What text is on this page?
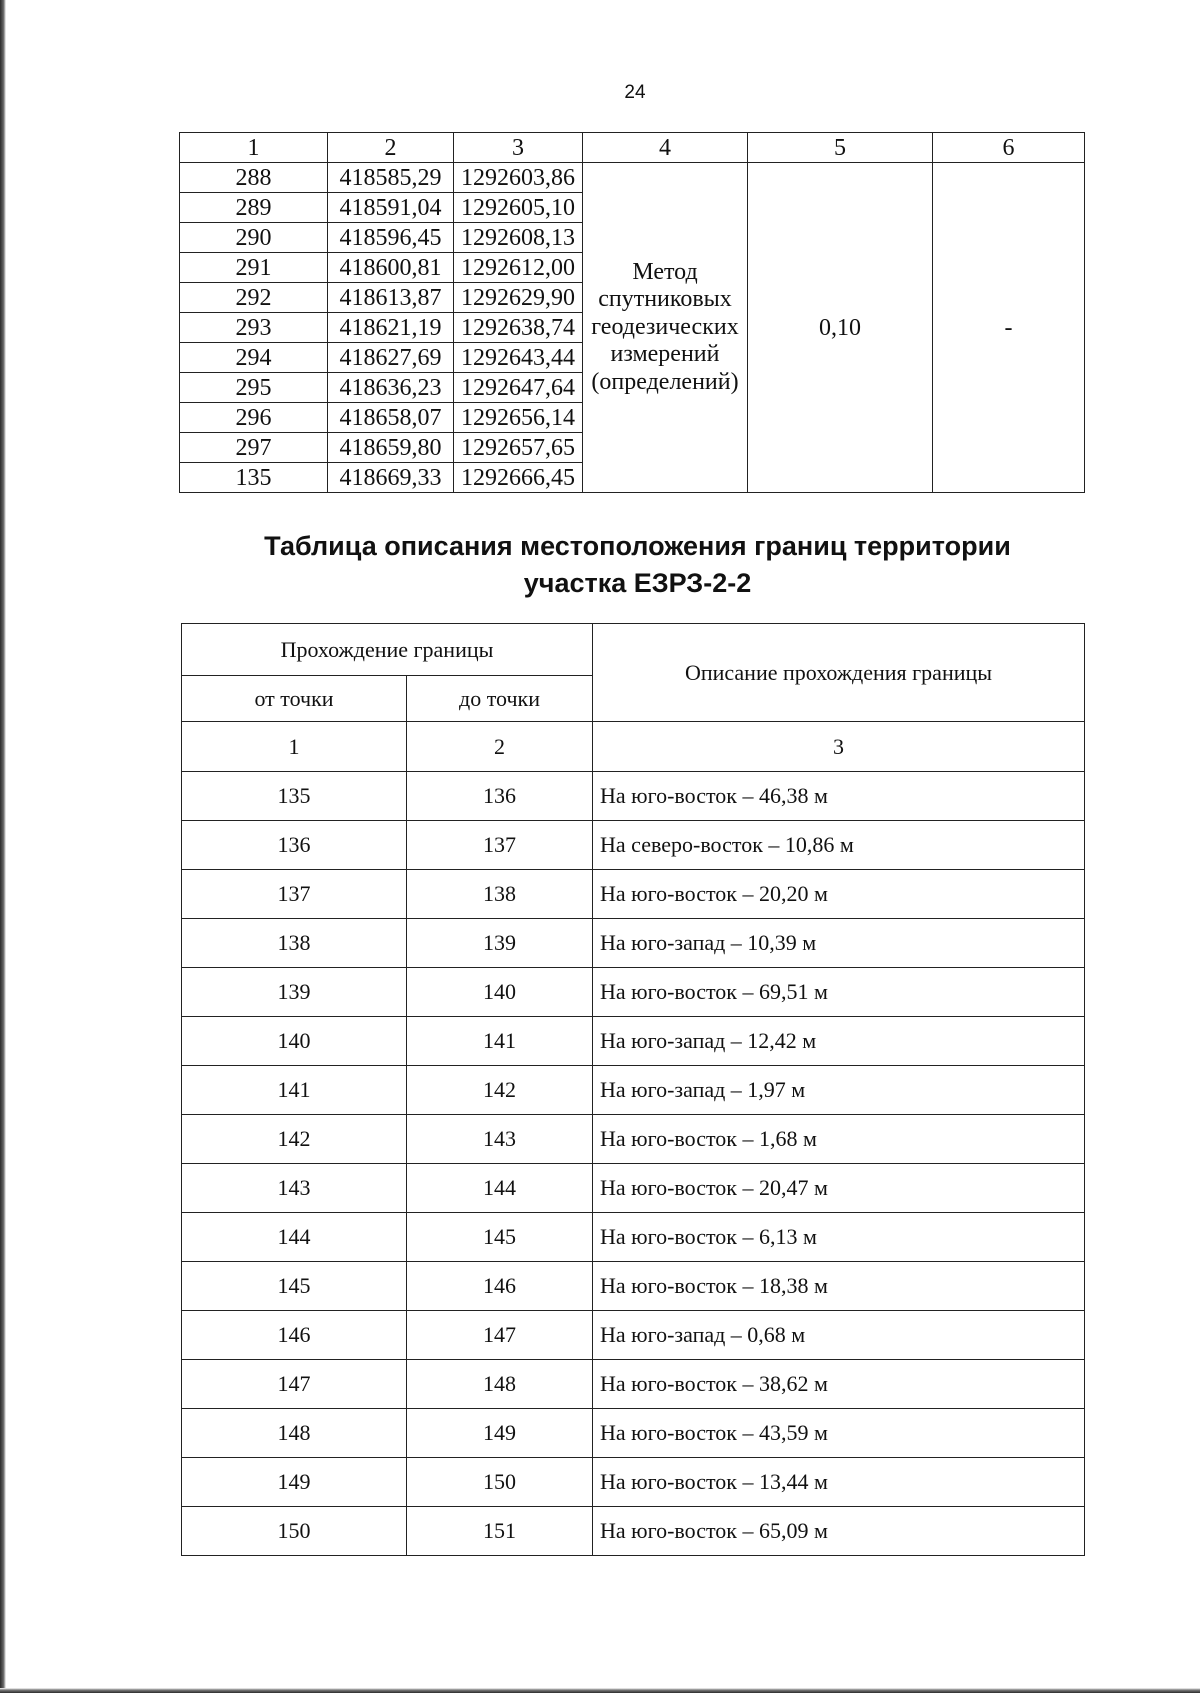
24
1	2	3	4	5	6
288	418585,29	1292603,86	Метод
спутниковых
геодезических
измерений
(определений)	0,10	-
289	418591,04	1292605,10			
290	418596,45	1292608,13			
291	418600,81	1292612,00			
292	418613,87	1292629,90			
293	418621,19	1292638,74			
294	418627,69	1292643,44			
295	418636,23	1292647,64			
296	418658,07	1292656,14			
297	418659,80	1292657,65			
135	418669,33	1292666,45			
Таблица описания местоположения границ территории
участка ЕЗРЗ-2-2
Прохождение границы		Описание прохождения границы
от точки	до точки	
1	2	3
135	136	На юго-восток – 46,38 м
136	137	На северо-восток – 10,86 м
137	138	На юго-восток – 20,20 м
138	139	На юго-запад – 10,39 м
139	140	На юго-восток – 69,51 м
140	141	На юго-запад – 12,42 м
141	142	На юго-запад – 1,97 м
142	143	На юго-восток – 1,68 м
143	144	На юго-восток – 20,47 м
144	145	На юго-восток – 6,13 м
145	146	На юго-восток – 18,38 м
146	147	На юго-запад – 0,68 м
147	148	На юго-восток – 38,62 м
148	149	На юго-восток – 43,59 м
149	150	На юго-восток – 13,44 м
150	151	На юго-восток – 65,09 м
